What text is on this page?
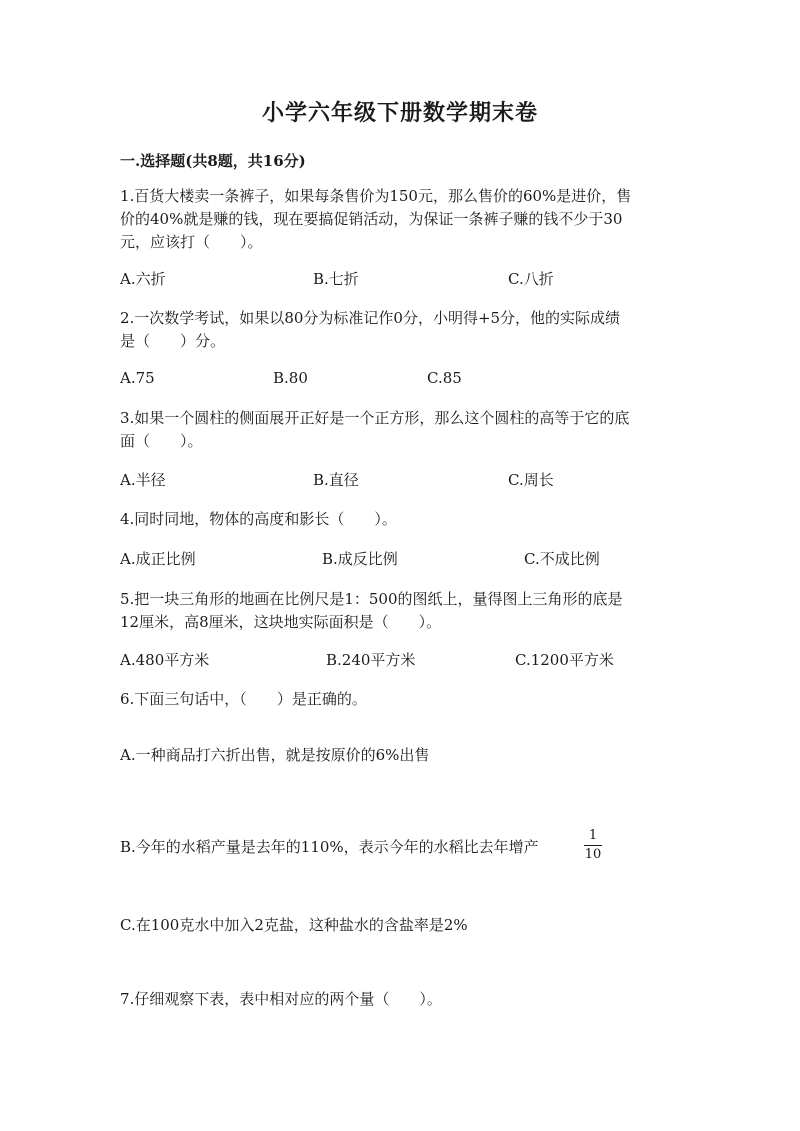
小学六年级下册数学期末卷
一.选择题(共8题，共16分)
1.百货大楼卖一条裤子，如果每条售价为150元，那么售价的60%是进价，售
价的40%就是赚的钱，现在要搞促销活动，为保证一条裤子赚的钱不少于30
元，应该打（　　）。
A.六折	B.七折	C.八折
2.一次数学考试，如果以80分为标准记作0分，小明得+5分，他的实际成绩
是（　　）分。
A.75	B.80	C.85
3.如果一个圆柱的侧面展开正好是一个正方形，那么这个圆柱的高等于它的底
面（　　）。
A.半径	B.直径	C.周长
4.同时同地，物体的高度和影长（　　）。
A.成正比例	B.成反比例	C.不成比例
5.把一块三角形的地画在比例尺是1：500的图纸上，量得图上三角形的底是
12厘米，高8厘米，这块地实际面积是（　　）。
A.480平方米	B.240平方米	C.1200平方米
6.下面三句话中，（　　）是正确的。
A.一种商品打六折出售，就是按原价的6%出售
B.今年的水稻产量是去年的110%，表示今年的水稻比去年增产
1
10
C.在100克水中加入2克盐，这种盐水的含盐率是2%
7.仔细观察下表，表中相对应的两个量（　　）。
